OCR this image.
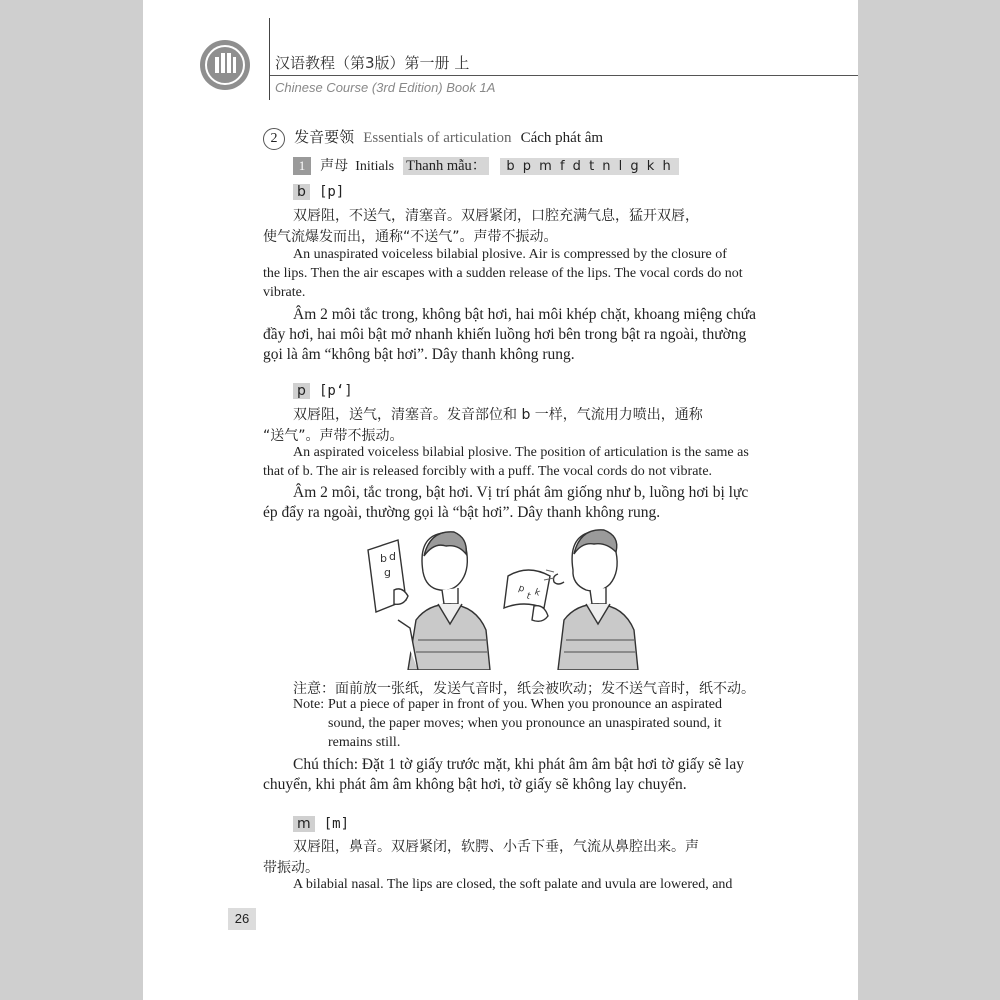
汉语教程（第3版）第一册 上
Chinese Course (3rd Edition) Book 1A
2 发音要领 Essentials of articulation Cách phát âm
1 声母 Initials Thanh mẫu： b p m f d t n l g k h
b [p]
双唇阻，不送气，清塞音。双唇紧闭，口腔充满气息，猛开双唇，
使气流爆发而出，通称“不送气”。声带不振动。
An unaspirated voiceless bilabial plosive. Air is compressed by the closure of
the lips. Then the air escapes with a sudden release of the lips. The vocal cords do not
vibrate.
Âm 2 môi tắc trong, không bật hơi, hai môi khép chặt, khoang miệng chứa
đầy hơi, hai môi bật mở nhanh khiến luồng hơi bên trong bật ra ngoài, thường
gọi là âm “không bật hơi”. Dây thanh không rung.
p [p‘]
双唇阻，送气，清塞音。发音部位和 b 一样，气流用力喷出，通称
“送气”。声带不振动。
An aspirated voiceless bilabial plosive. The position of articulation is the same as
that of b. The air is released forcibly with a puff. The vocal cords do not vibrate.
Âm 2 môi, tắc trong, bật hơi. Vị trí phát âm giống như b, luồng hơi bị lực
ép đẩy ra ngoài, thường gọi là “bật hơi”. Dây thanh không rung.
b d
g
p
t k
注意：面前放一张纸，发送气音时，纸会被吹动；发不送气音时，纸不动。
Note: Put a piece of paper in front of you. When you pronounce an aspirated
sound, the paper moves; when you pronounce an unaspirated sound, it
remains still.
Chú thích: Đặt 1 tờ giấy trước mặt, khi phát âm âm bật hơi tờ giấy sẽ lay
chuyển, khi phát âm âm không bật hơi, tờ giấy sẽ không lay chuyển.
m [m]
双唇阻，鼻音。双唇紧闭，软腭、小舌下垂，气流从鼻腔出来。声
带振动。
A bilabial nasal. The lips are closed, the soft palate and uvula are lowered, and
26
